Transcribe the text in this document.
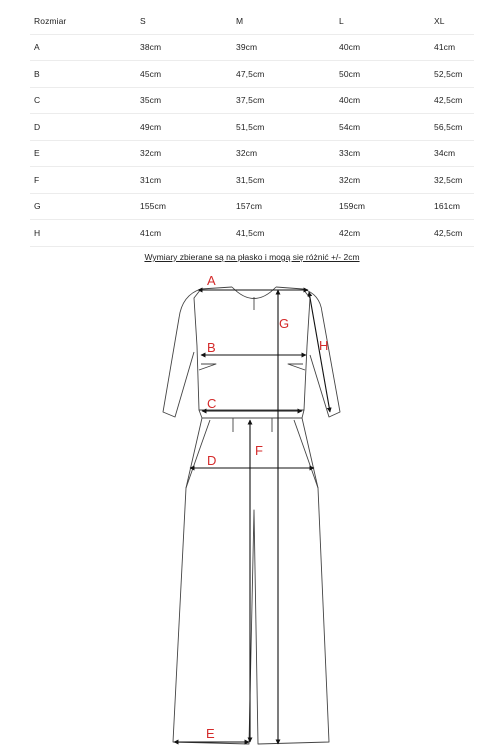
Rozmiar	S	M	L	XL
A	38cm	39cm	40cm	41cm
B	45cm	47,5cm	50cm	52,5cm
C	35cm	37,5cm	40cm	42,5cm
D	49cm	51,5cm	54cm	56,5cm
E	32cm	32cm	33cm	34cm
F	31cm	31,5cm	32cm	32,5cm
G	155cm	157cm	159cm	161cm
H	41cm	41,5cm	42cm	42,5cm
Wymiary zbierane są na płasko i mogą się różnić +/- 2cm
A
B
C
D
E
F
G
H
